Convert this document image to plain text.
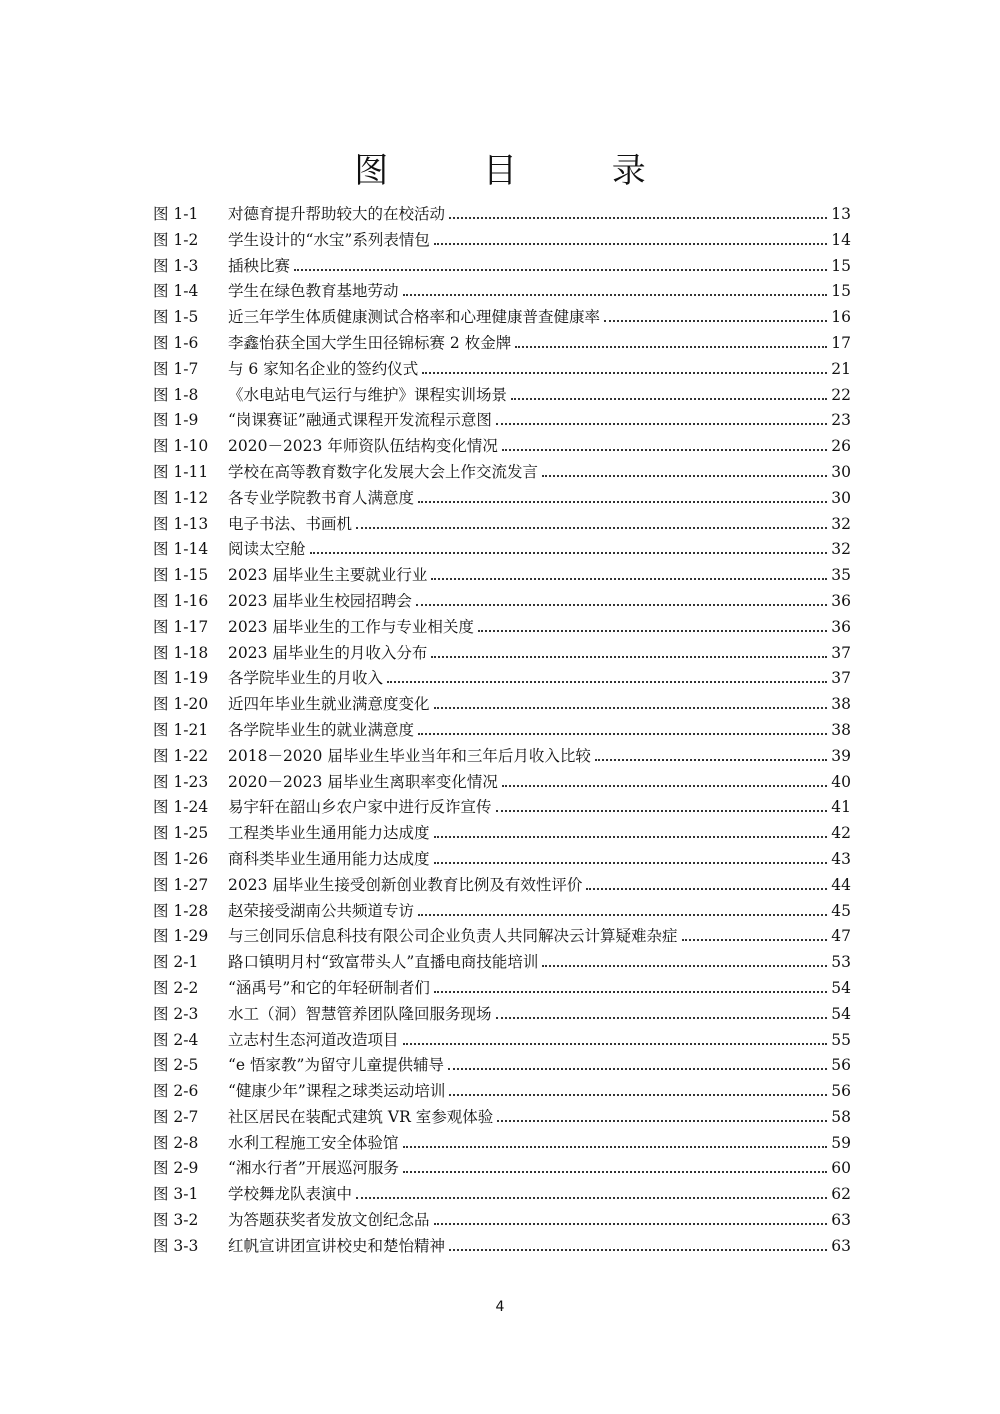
图 目 录
图 1-1	对德育提升帮助较大的在校活动	13
图 1-2	学生设计的“水宝”系列表情包	14
图 1-3	插秧比赛	15
图 1-4	学生在绿色教育基地劳动	15
图 1-5	近三年学生体质健康测试合格率和心理健康普查健康率	16
图 1-6	李鑫怡获全国大学生田径锦标赛 2 枚金牌	17
图 1-7	与 6 家知名企业的签约仪式	21
图 1-8	《水电站电气运行与维护》课程实训场景	22
图 1-9	“岗课赛证”融通式课程开发流程示意图	23
图 1-10	2020－2023 年师资队伍结构变化情况	26
图 1-11	学校在高等教育数字化发展大会上作交流发言	30
图 1-12	各专业学院教书育人满意度	30
图 1-13	电子书法、书画机	32
图 1-14	阅读太空舱	32
图 1-15	2023 届毕业生主要就业行业	35
图 1-16	2023 届毕业生校园招聘会	36
图 1-17	2023 届毕业生的工作与专业相关度	36
图 1-18	2023 届毕业生的月收入分布	37
图 1-19	各学院毕业生的月收入	37
图 1-20	近四年毕业生就业满意度变化	38
图 1-21	各学院毕业生的就业满意度	38
图 1-22	2018－2020 届毕业生毕业当年和三年后月收入比较	39
图 1-23	2020－2023 届毕业生离职率变化情况	40
图 1-24	易宇轩在韶山乡农户家中进行反诈宣传	41
图 1-25	工程类毕业生通用能力达成度	42
图 1-26	商科类毕业生通用能力达成度	43
图 1-27	2023 届毕业生接受创新创业教育比例及有效性评价	44
图 1-28	赵荣接受湖南公共频道专访	45
图 1-29	与三创同乐信息科技有限公司企业负责人共同解决云计算疑难杂症	47
图 2-1	路口镇明月村“致富带头人”直播电商技能培训	53
图 2-2	“涵禹号”和它的年轻研制者们	54
图 2-3	水工（洞）智慧管养团队隆回服务现场	54
图 2-4	立志村生态河道改造项目	55
图 2-5	“e 悟家教”为留守儿童提供辅导	56
图 2-6	“健康少年”课程之球类运动培训	56
图 2-7	社区居民在装配式建筑 VR 室参观体验	58
图 2-8	水利工程施工安全体验馆	59
图 2-9	“湘水行者”开展巡河服务	60
图 3-1	学校舞龙队表演中	62
图 3-2	为答题获奖者发放文创纪念品	63
图 3-3	红帆宣讲团宣讲校史和楚怡精神	63
4
